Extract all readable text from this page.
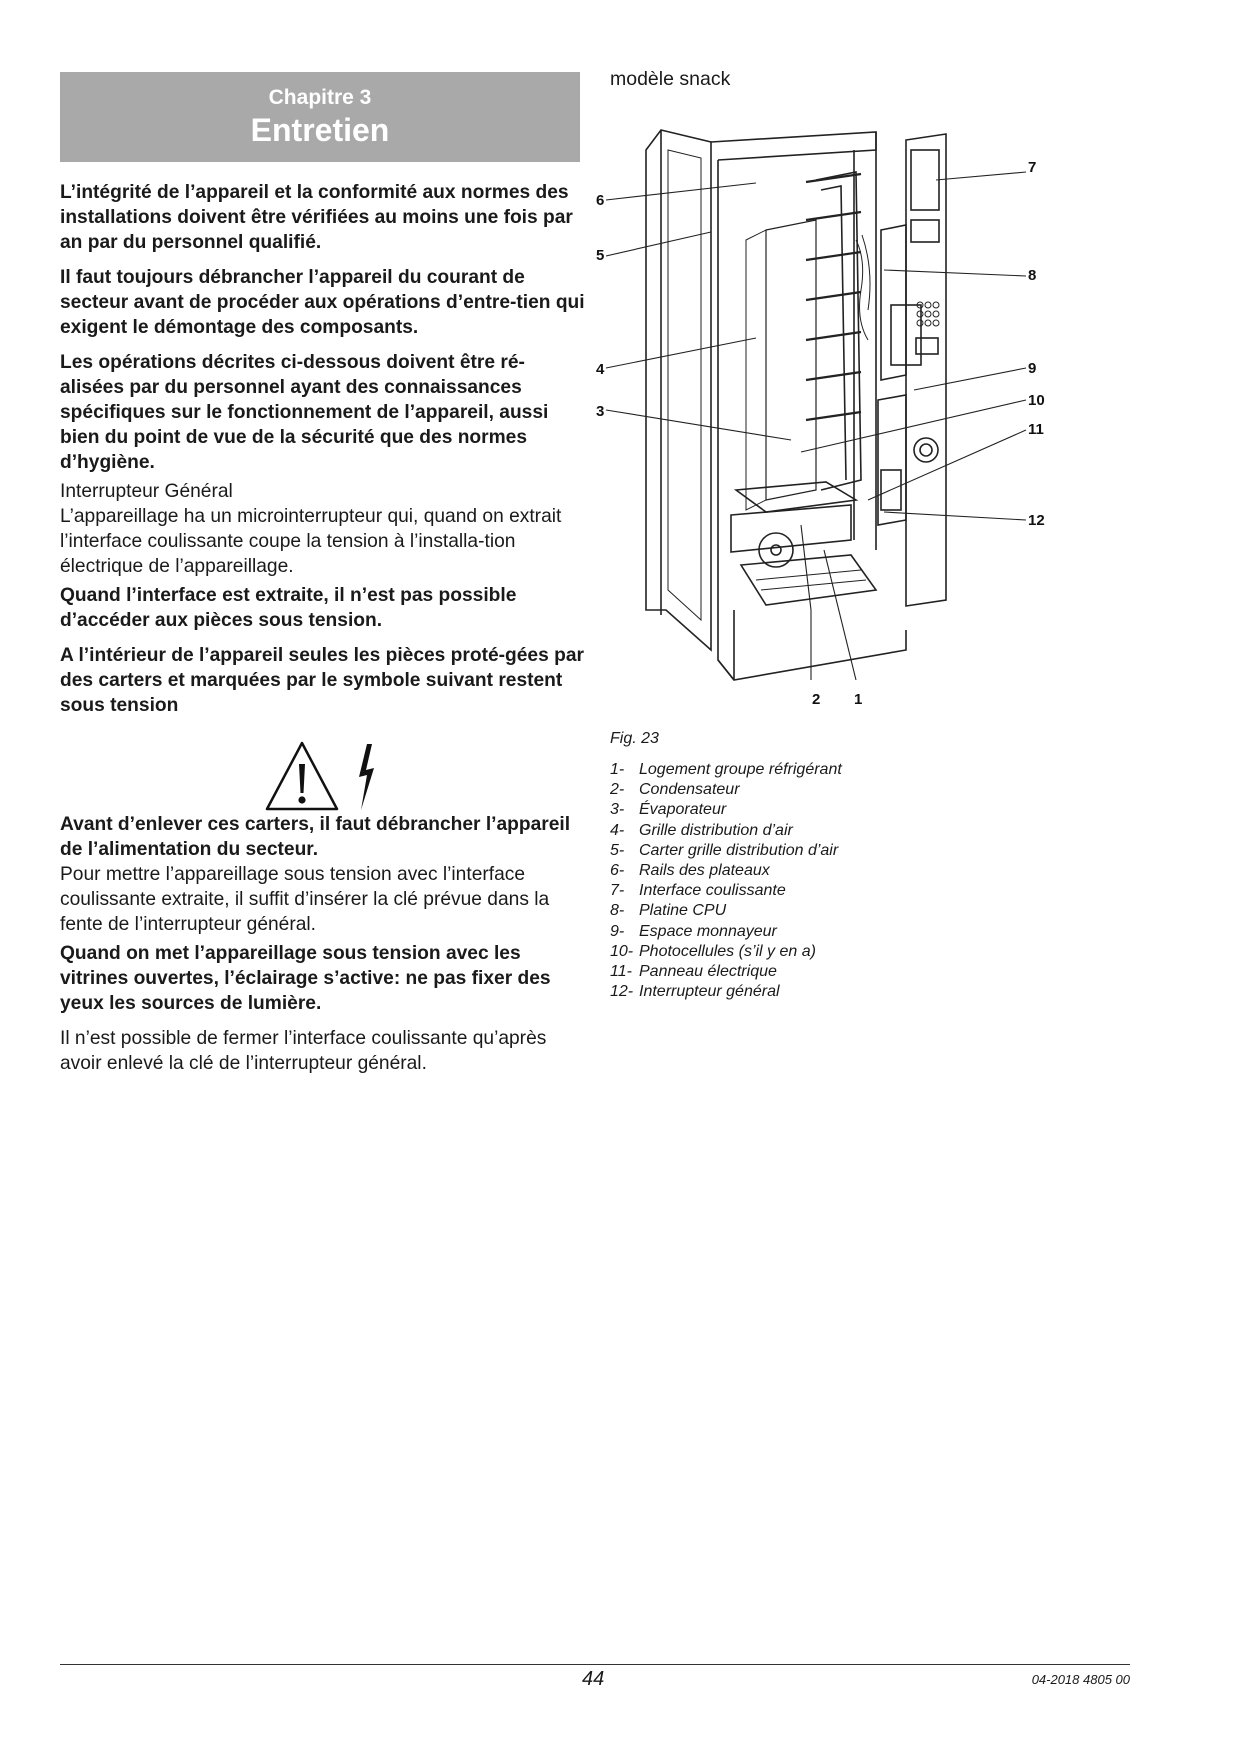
Chapitre 3
Entretien

L’intégrité de l’appareil et la conformité aux normes des installations doivent être vérifiées au moins une fois par an par du personnel qualifié.

Il faut toujours débrancher l’appareil du courant de secteur avant de procéder aux opérations d’entre-tien qui exigent le démontage des composants.

Les opérations décrites ci-dessous doivent être ré-alisées par du personnel ayant des connaissances spécifiques sur le fonctionnement de l’appareil, aussi bien du point de vue de la sécurité que des normes d’hygiène.

Interrupteur Général
L’appareillage ha un microinterrupteur qui, quand on extrait l’interface coulissante coupe la tension à l’installa-tion électrique de l’appareillage.

Quand l’interface est extraite, il n’est pas possible d’accéder aux pièces sous tension.

A l’intérieur de l’appareil seules les pièces proté-gées par des carters et marquées par le symbole suivant restent sous tension

Avant d’enlever ces carters, il faut débrancher l’appareil de l’alimentation du secteur.
Pour mettre l’appareillage sous tension avec l’interface coulissante extraite, il suffit d’insérer la clé prévue dans la fente de l’interrupteur général.

Quand on met l’appareillage sous tension avec les vitrines ouvertes, l’éclairage s’active: ne pas fixer des yeux les sources de lumière.

Il n’est possible de fermer l’interface coulissante qu’après avoir enlevé la clé de l’interrupteur général.

modèle snack
6
5
4
3
7
8
9
10
11
12
2 1
Fig. 23
1- Logement groupe réfrigérant
2- Condensateur
3- Évaporateur
4- Grille distribution d’air
5- Carter grille distribution d’air
6- Rails des plateaux
7- Interface coulissante
8- Platine CPU
9- Espace monnayeur
10- Photocellules (s’il y en a)
11- Panneau électrique
12- Interrupteur général
44	04-2018 4805 00
